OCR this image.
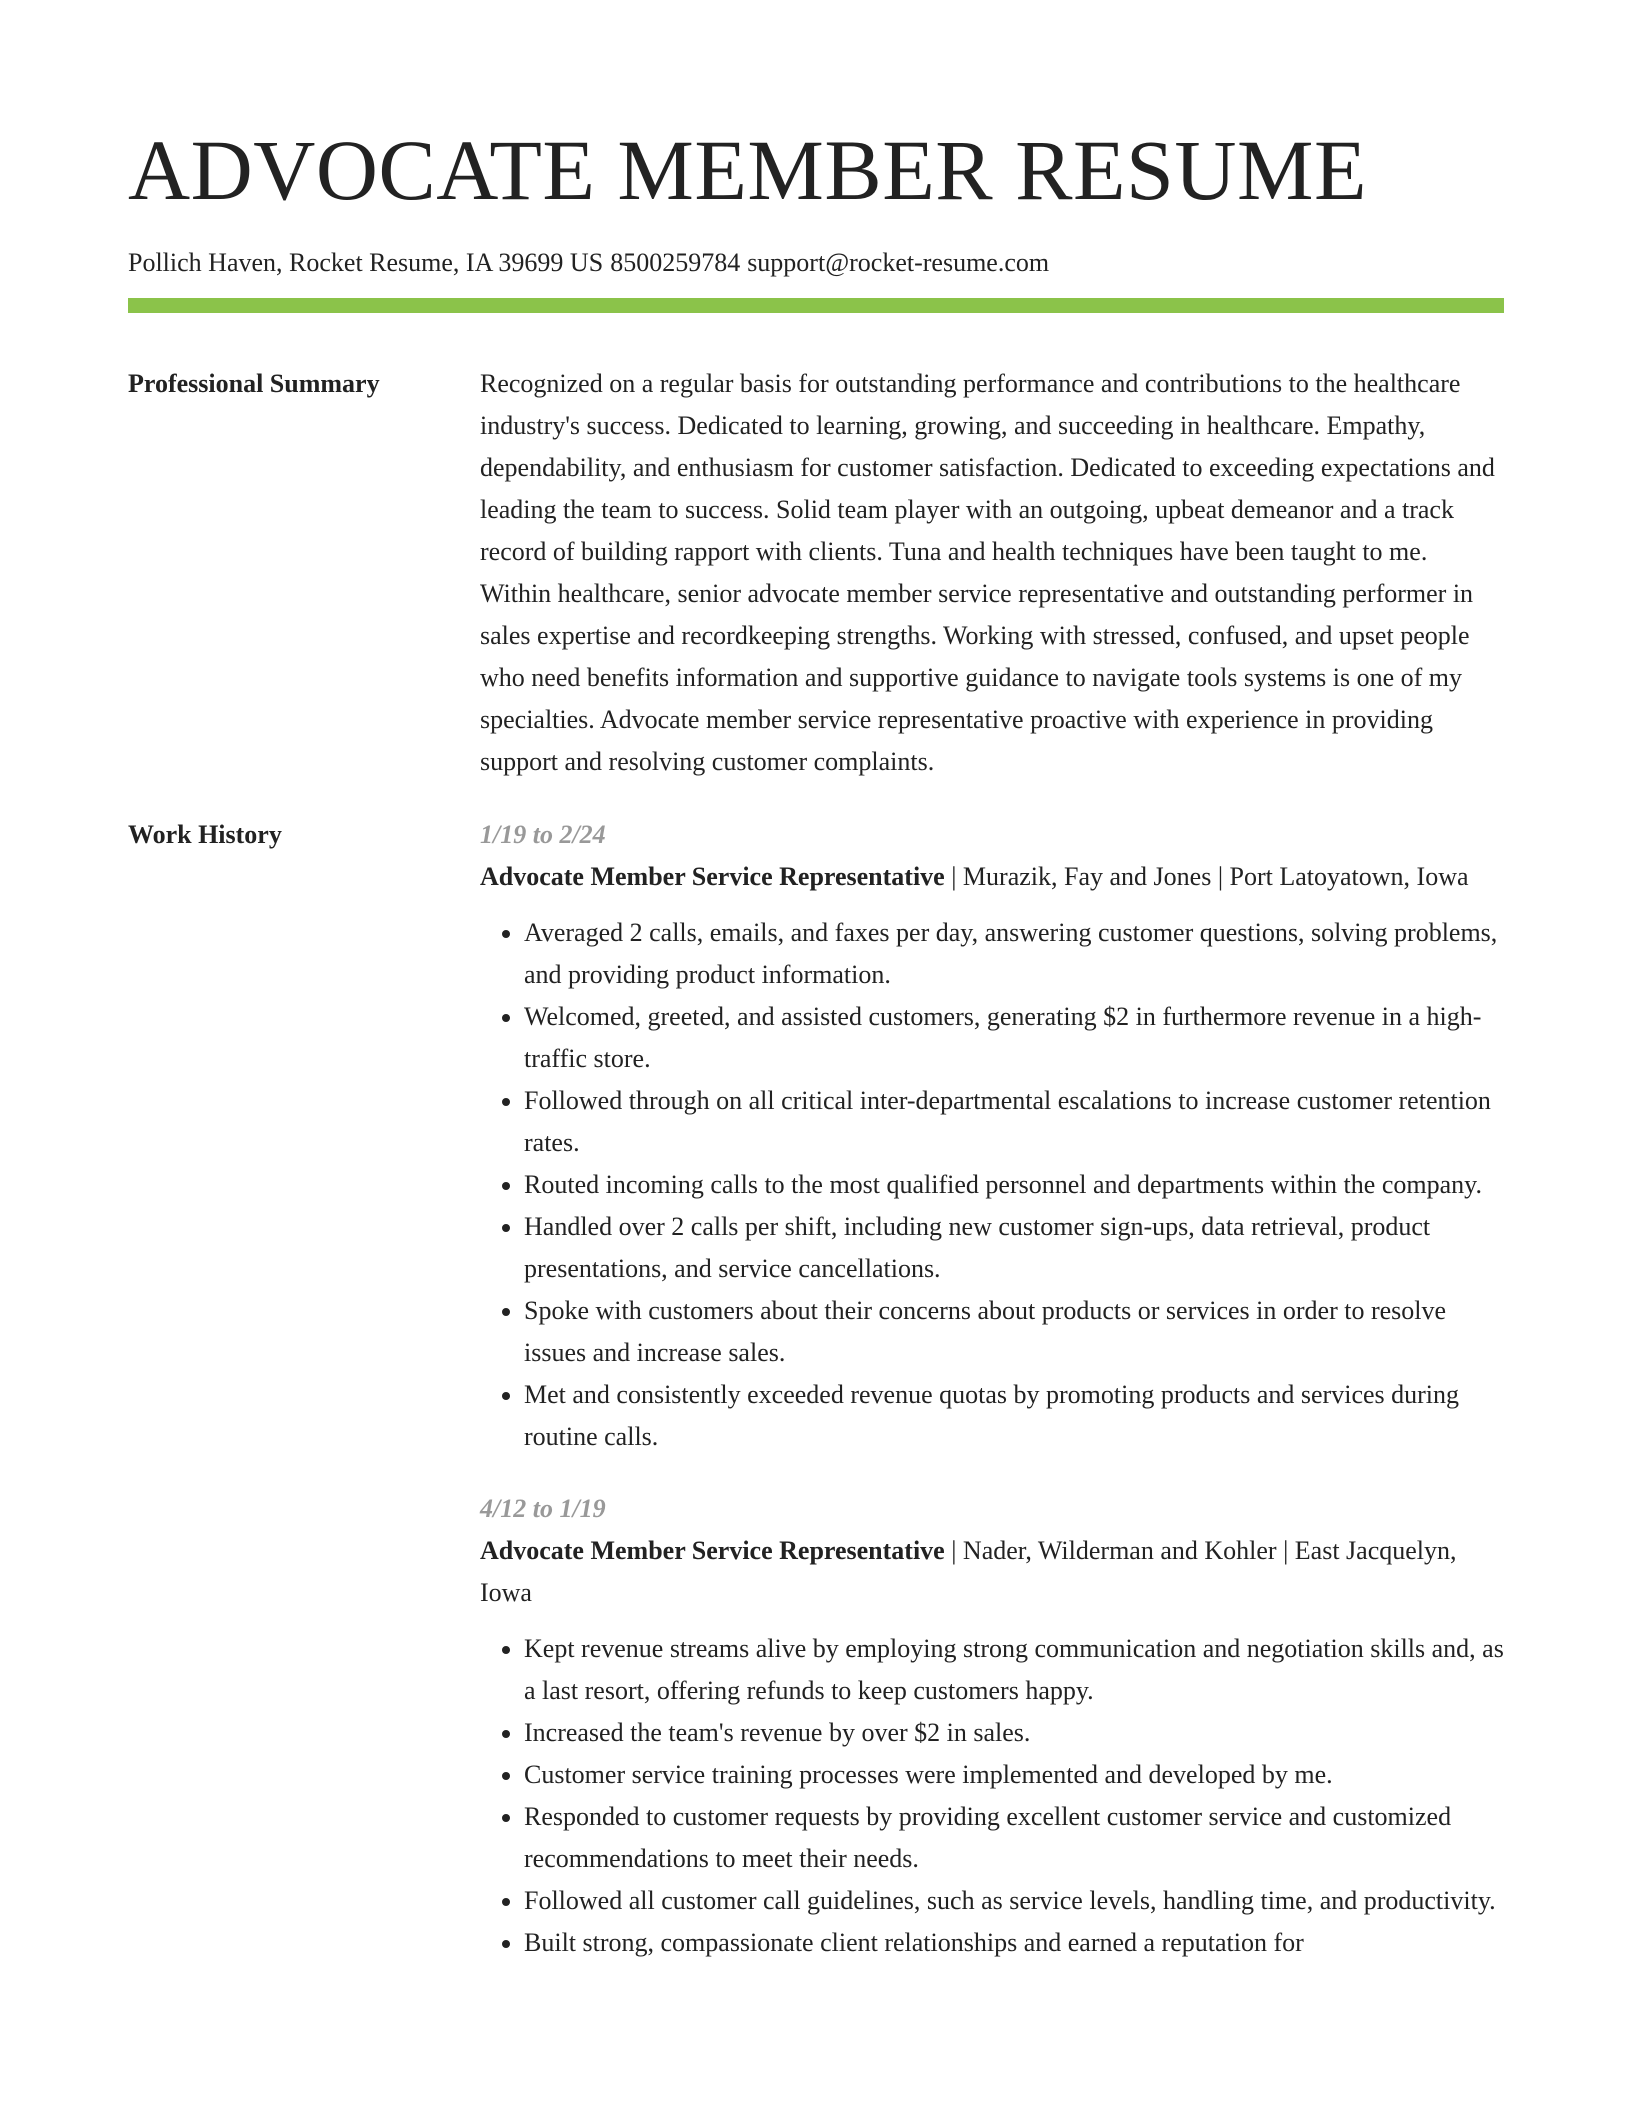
ADVOCATE MEMBER RESUME
Pollich Haven, Rocket Resume, IA 39699 US 8500259784 support@rocket-resume.com
Professional Summary	Recognized on a regular basis for outstanding performance and contributions to the healthcare industry's success. Dedicated to learning, growing, and succeeding in healthcare. Empathy, dependability, and enthusiasm for customer satisfaction. Dedicated to exceeding expectations and leading the team to success. Solid team player with an outgoing, upbeat demeanor and a track record of building rapport with clients. Tuna and health techniques have been taught to me. Within healthcare, senior advocate member service representative and outstanding performer in sales expertise and recordkeeping strengths. Working with stressed, confused, and upset people who need benefits information and supportive guidance to navigate tools systems is one of my specialties. Advocate member service representative proactive with experience in providing support and resolving customer complaints.

Work History	1/19 to 2/24
Advocate Member Service Representative | Murazik, Fay and Jones | Port Latoyatown, Iowa
• Averaged 2 calls, emails, and faxes per day, answering customer questions, solving problems, and providing product information.
• Welcomed, greeted, and assisted customers, generating $2 in furthermore revenue in a high-traffic store.
• Followed through on all critical inter-departmental escalations to increase customer retention rates.
• Routed incoming calls to the most qualified personnel and departments within the company.
• Handled over 2 calls per shift, including new customer sign-ups, data retrieval, product presentations, and service cancellations.
• Spoke with customers about their concerns about products or services in order to resolve issues and increase sales.
• Met and consistently exceeded revenue quotas by promoting products and services during routine calls.
4/12 to 1/19
Advocate Member Service Representative | Nader, Wilderman and Kohler | East Jacquelyn, Iowa
• Kept revenue streams alive by employing strong communication and negotiation skills and, as a last resort, offering refunds to keep customers happy.
• Increased the team's revenue by over $2 in sales.
• Customer service training processes were implemented and developed by me.
• Responded to customer requests by providing excellent customer service and customized recommendations to meet their needs.
• Followed all customer call guidelines, such as service levels, handling time, and productivity.
• Built strong, compassionate client relationships and earned a reputation for
